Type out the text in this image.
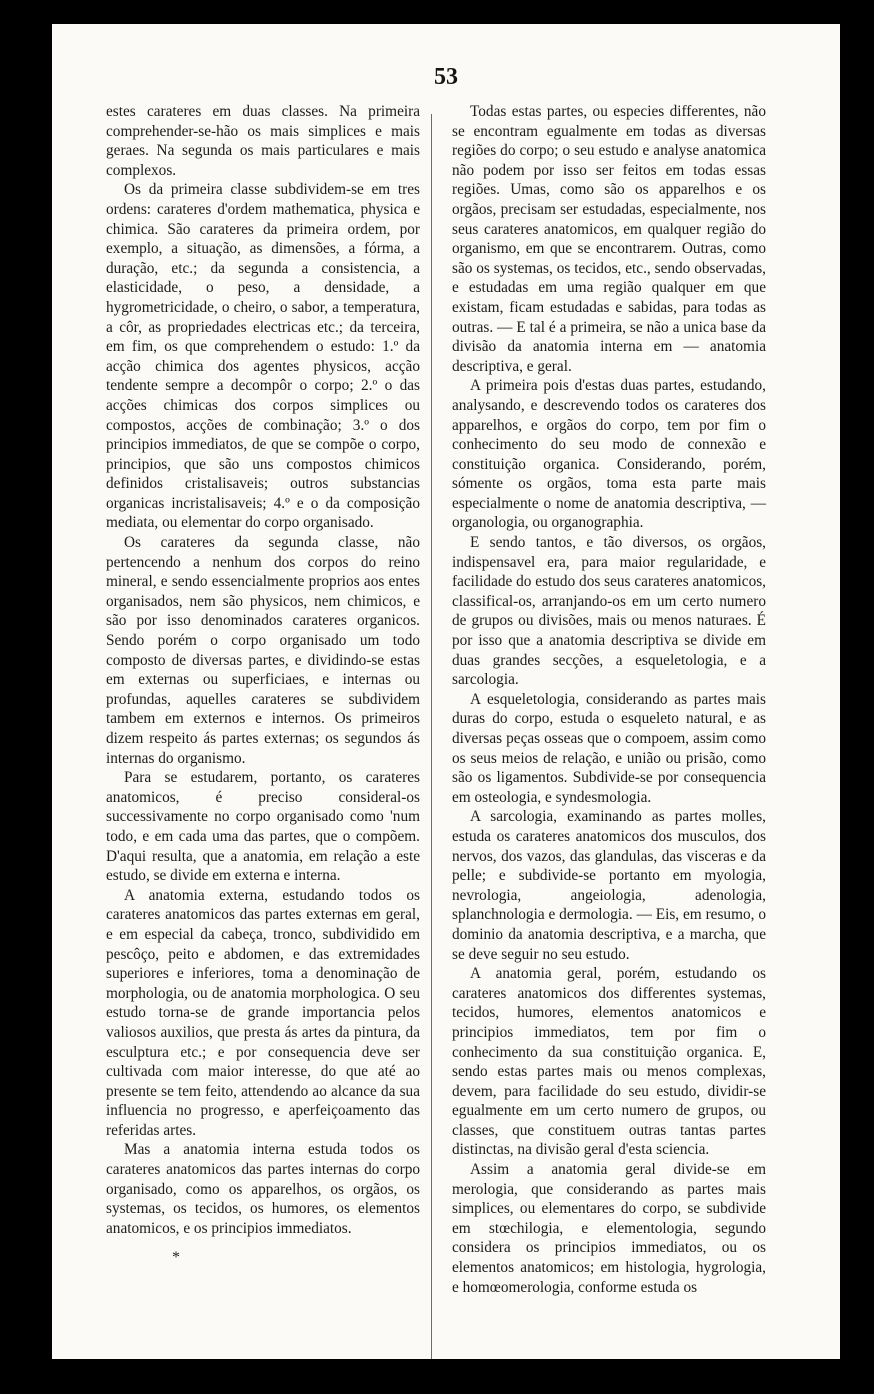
53

estes carateres em duas classes. Na primeira comprehender-se-hão os mais simplices e mais geraes. Na segunda os mais particulares e mais complexos.

Os da primeira classe subdividem-se em tres ordens: carateres d'ordem mathematica, physica e chimica. São carateres da primeira ordem, por exemplo, a situação, as dimensões, a fórma, a duração, etc.; da segunda a consistencia, a elasticidade, o peso, a densidade, a hygrometricidade, o cheiro, o sabor, a temperatura, a côr, as propriedades electricas etc.; da terceira, em fim, os que comprehendem o estudo: 1.º da acção chimica dos agentes physicos, acção tendente sempre a decompôr o corpo; 2.º o das acções chimicas dos corpos simplices ou compostos, acções de combinação; 3.º o dos principios immediatos, de que se compõe o corpo, principios, que são uns compostos chimicos definidos cristalisaveis; outros substancias organicas incristalisaveis; 4.º e o da composição mediata, ou elementar do corpo organisado.

Os carateres da segunda classe, não pertencendo a nenhum dos corpos do reino mineral, e sendo essencialmente proprios aos entes organisados, nem são physicos, nem chimicos, e são por isso denominados carateres organicos. Sendo porém o corpo organisado um todo composto de diversas partes, e dividindo-se estas em externas ou superficiaes, e internas ou profundas, aquelles carateres se subdividem tambem em externos e internos. Os primeiros dizem respeito ás partes externas; os segundos ás internas do organismo.

Para se estudarem, portanto, os carateres anatomicos, é preciso consideral-os successivamente no corpo organisado como 'num todo, e em cada uma das partes, que o compõem. D'aqui resulta, que a anatomia, em relação a este estudo, se divide em externa e interna.

A anatomia externa, estudando todos os carateres anatomicos das partes externas em geral, e em especial da cabeça, tronco, subdividido em pescôço, peito e abdomen, e das extremidades superiores e inferiores, toma a denominação de morphologia, ou de anatomia morphologica. O seu estudo torna-se de grande importancia pelos valiosos auxilios, que presta ás artes da pintura, da esculptura etc.; e por consequencia deve ser cultivada com maior interesse, do que até ao presente se tem feito, attendendo ao alcance da sua influencia no progresso, e aperfeiçoamento das referidas artes.

Mas a anatomia interna estuda todos os carateres anatomicos das partes internas do corpo organisado, como os apparelhos, os orgãos, os systemas, os tecidos, os humores, os elementos anatomicos, e os principios immediatos.

Todas estas partes, ou especies differentes, não se encontram egualmente em todas as diversas regiões do corpo; o seu estudo e analyse anatomica não podem por isso ser feitos em todas essas regiões. Umas, como são os apparelhos e os orgãos, precisam ser estudadas, especialmente, nos seus carateres anatomicos, em qualquer região do organismo, em que se encontrarem. Outras, como são os systemas, os tecidos, etc., sendo observadas, e estudadas em uma região qualquer em que existam, ficam estudadas e sabidas, para todas as outras. — E tal é a primeira, se não a unica base da divisão da anatomia interna em — anatomia descriptiva, e geral.

A primeira pois d'estas duas partes, estudando, analysando, e descrevendo todos os carateres dos apparelhos, e orgãos do corpo, tem por fim o conhecimento do seu modo de connexão e constituição organica. Considerando, porém, sómente os orgãos, toma esta parte mais especialmente o nome de anatomia descriptiva, — organologia, ou organographia.

E sendo tantos, e tão diversos, os orgãos, indispensavel era, para maior regularidade, e facilidade do estudo dos seus carateres anatomicos, classifical-os, arranjando-os em um certo numero de grupos ou divisões, mais ou menos naturaes. É por isso que a anatomia descriptiva se divide em duas grandes secções, a esqueletologia, e a sarcologia.

A esqueletologia, considerando as partes mais duras do corpo, estuda o esqueleto natural, e as diversas peças osseas que o compoem, assim como os seus meios de relação, e união ou prisão, como são os ligamentos. Subdivide-se por consequencia em osteologia, e syndesmologia.

A sarcologia, examinando as partes molles, estuda os carateres anatomicos dos musculos, dos nervos, dos vazos, das glandulas, das visceras e da pelle; e subdivide-se portanto em myologia, nevrologia, angeiologia, adenologia, splanchnologia e dermologia. — Eis, em resumo, o dominio da anatomia descriptiva, e a marcha, que se deve seguir no seu estudo.

A anatomia geral, porém, estudando os carateres anatomicos dos differentes systemas, tecidos, humores, elementos anatomicos e principios immediatos, tem por fim o conhecimento da sua constituição organica. E, sendo estas partes mais ou menos complexas, devem, para facilidade do seu estudo, dividir-se egualmente em um certo numero de grupos, ou classes, que constituem outras tantas partes distinctas, na divisão geral d'esta sciencia.

Assim a anatomia geral divide-se em merologia, que considerando as partes mais simplices, ou elementares do corpo, se subdivide em stœchilogia, e elementologia, segundo considera os principios immediatos, ou os elementos anatomicos; em histologia, hygrologia, e homœomerologia, conforme estuda os

*
